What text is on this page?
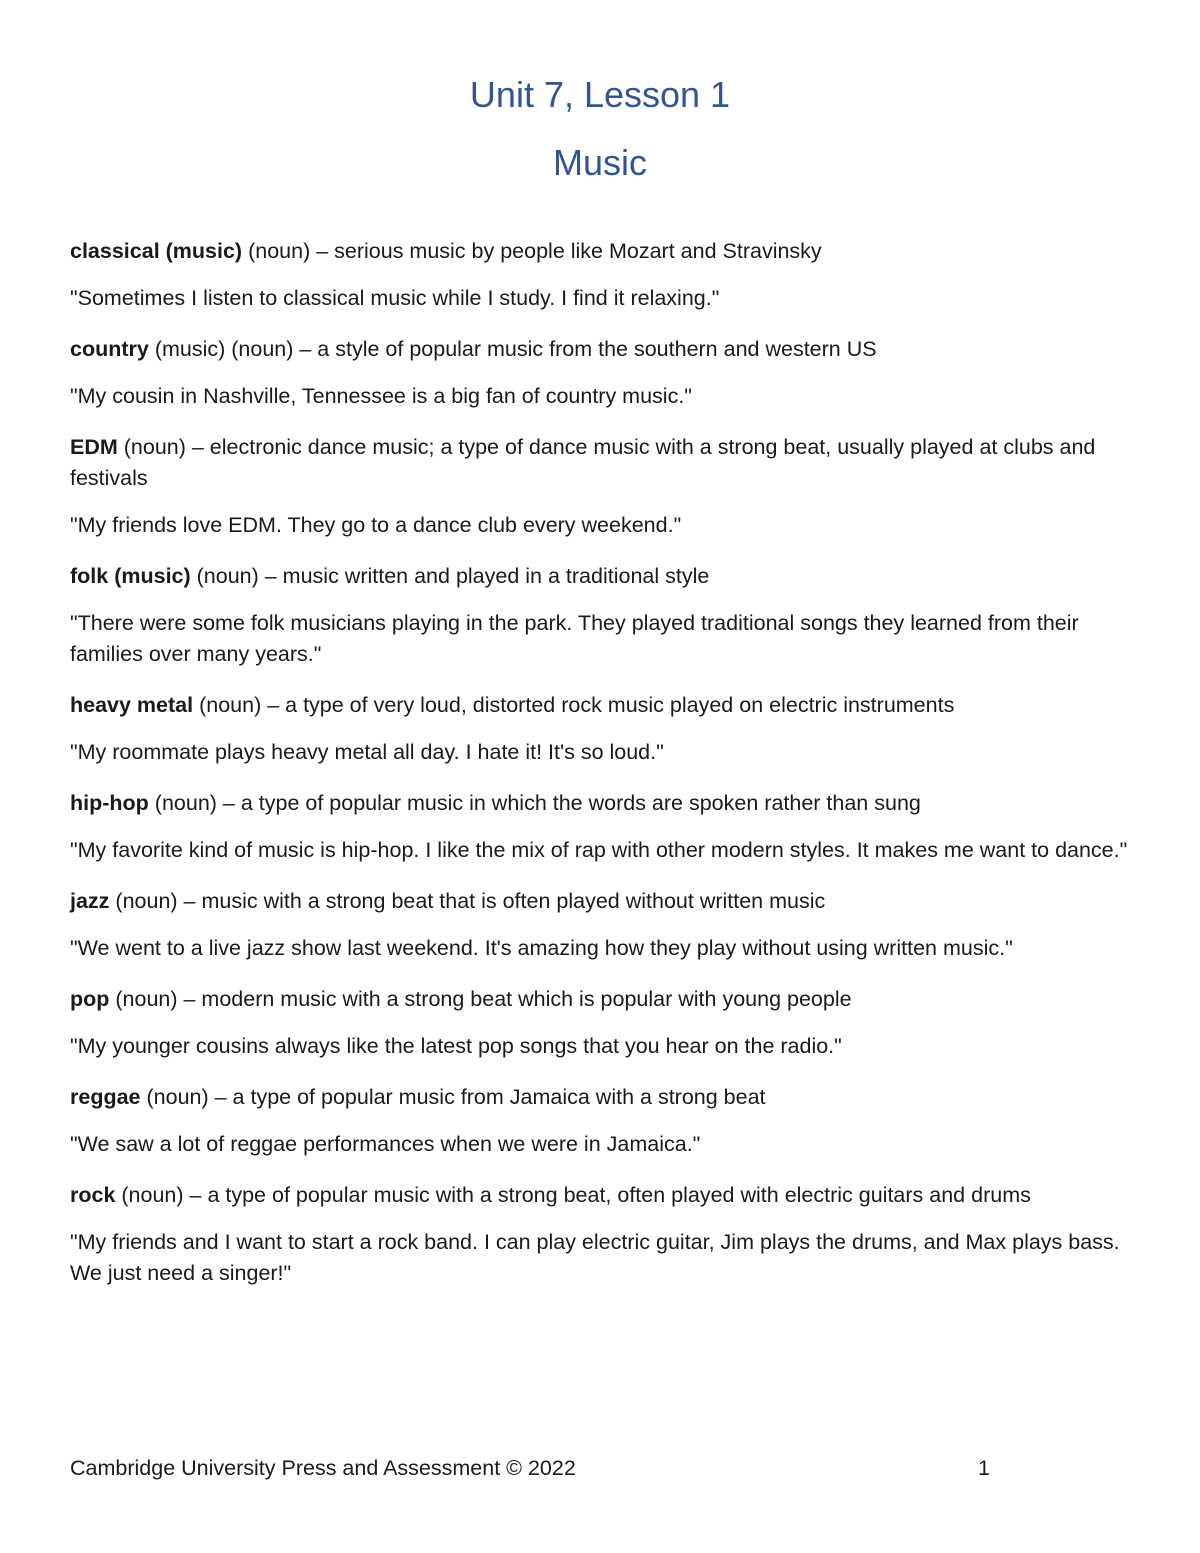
Unit 7, Lesson 1
Music

classical (music) (noun) – serious music by people like Mozart and Stravinsky

"Sometimes I listen to classical music while I study. I find it relaxing."

country (music) (noun) – a style of popular music from the southern and western US

"My cousin in Nashville, Tennessee is a big fan of country music."

EDM (noun) – electronic dance music; a type of dance music with a strong beat, usually played at clubs and festivals

"My friends love EDM. They go to a dance club every weekend."

folk (music) (noun) – music written and played in a traditional style

"There were some folk musicians playing in the park. They played traditional songs they learned from their families over many years."

heavy metal (noun) – a type of very loud, distorted rock music played on electric instruments

"My roommate plays heavy metal all day. I hate it! It's so loud."

hip-hop (noun) – a type of popular music in which the words are spoken rather than sung

"My favorite kind of music is hip-hop. I like the mix of rap with other modern styles. It makes me want to dance."

jazz (noun) – music with a strong beat that is often played without written music

"We went to a live jazz show last weekend. It's amazing how they play without using written music."

pop (noun) – modern music with a strong beat which is popular with young people

"My younger cousins always like the latest pop songs that you hear on the radio."

reggae (noun) – a type of popular music from Jamaica with a strong beat

"We saw a lot of reggae performances when we were in Jamaica."

rock (noun) – a type of popular music with a strong beat, often played with electric guitars and drums

"My friends and I want to start a rock band. I can play electric guitar, Jim plays the drums, and Max plays bass. We just need a singer!"

Cambridge University Press and Assessment © 2022	1
